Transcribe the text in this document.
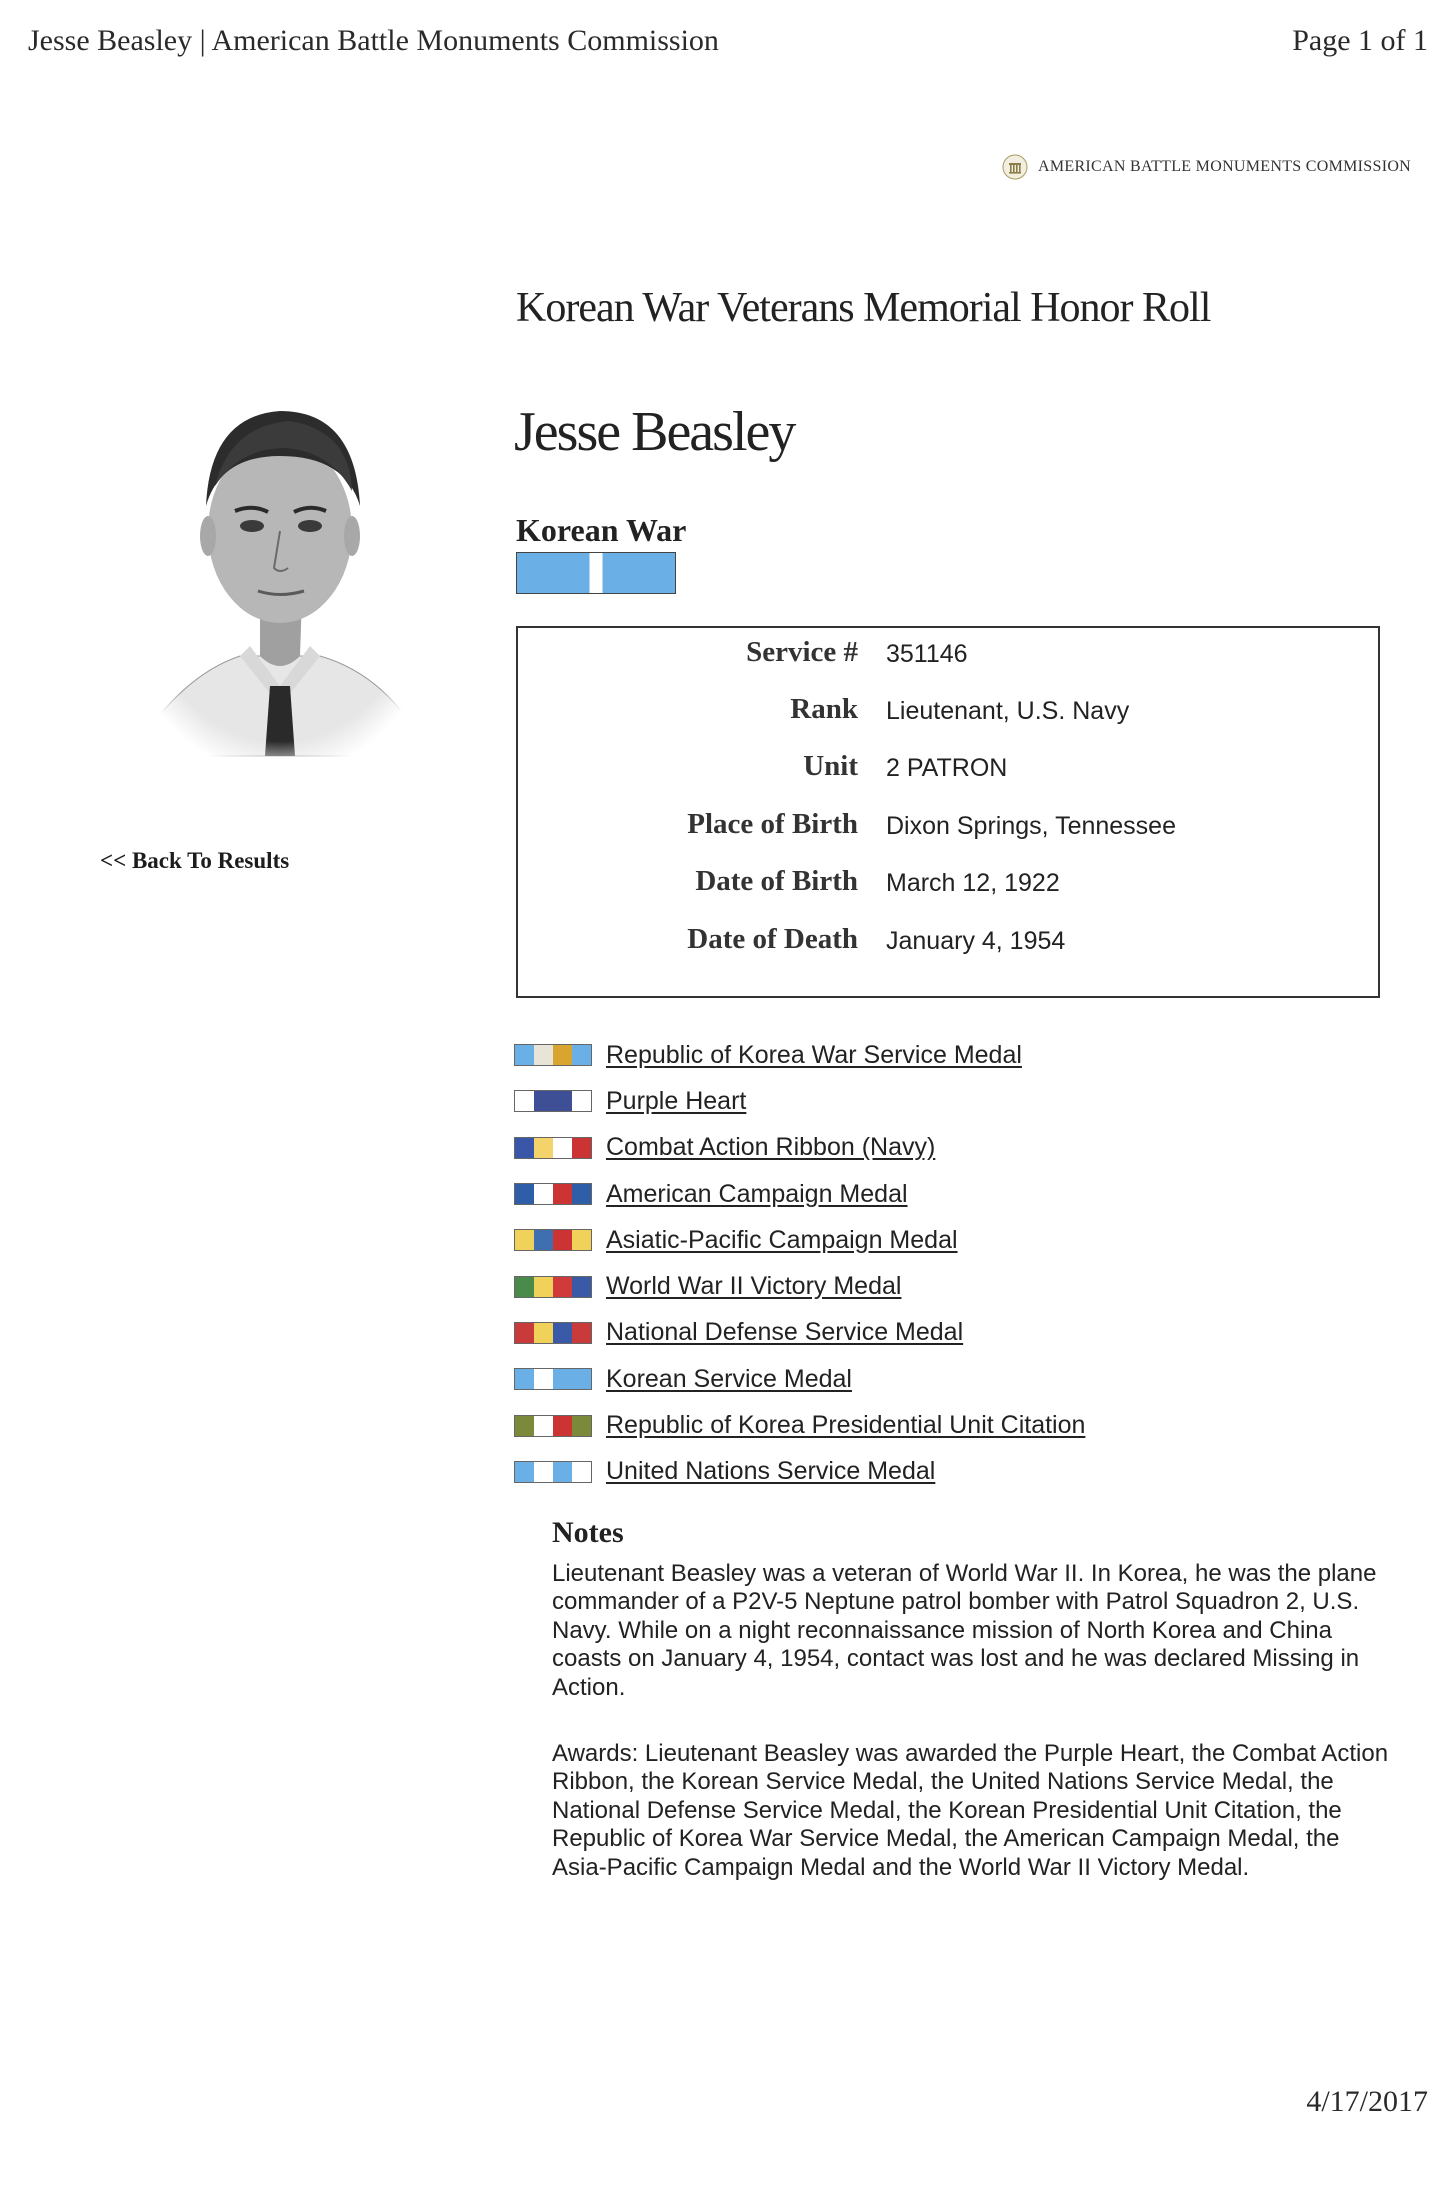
Jesse Beasley | American Battle Monuments Commission	Page 1 of 1
AMERICAN BATTLE MONUMENTS COMMISSION
Korean War Veterans Memorial Honor Roll
Jesse Beasley
<< Back To Results
Korean War
Service # 351146
Rank Lieutenant, U.S. Navy
Unit 2 PATRON
Place of Birth Dixon Springs, Tennessee
Date of Birth March 12, 1922
Date of Death January 4, 1954
Republic of Korea War Service Medal
Purple Heart
Combat Action Ribbon (Navy)
American Campaign Medal
Asiatic-Pacific Campaign Medal
World War II Victory Medal
National Defense Service Medal
Korean Service Medal
Republic of Korea Presidential Unit Citation
United Nations Service Medal
Notes

Lieutenant Beasley was a veteran of World War II. In Korea, he was the plane commander of a P2V-5 Neptune patrol bomber with Patrol Squadron 2, U.S. Navy. While on a night reconnaissance mission of North Korea and China coasts on January 4, 1954, contact was lost and he was declared Missing in Action.

Awards: Lieutenant Beasley was awarded the Purple Heart, the Combat Action Ribbon, the Korean Service Medal, the United Nations Service Medal, the National Defense Service Medal, the Korean Presidential Unit Citation, the Republic of Korea War Service Medal, the American Campaign Medal, the Asia-Pacific Campaign Medal and the World War II Victory Medal.

4/17/2017
